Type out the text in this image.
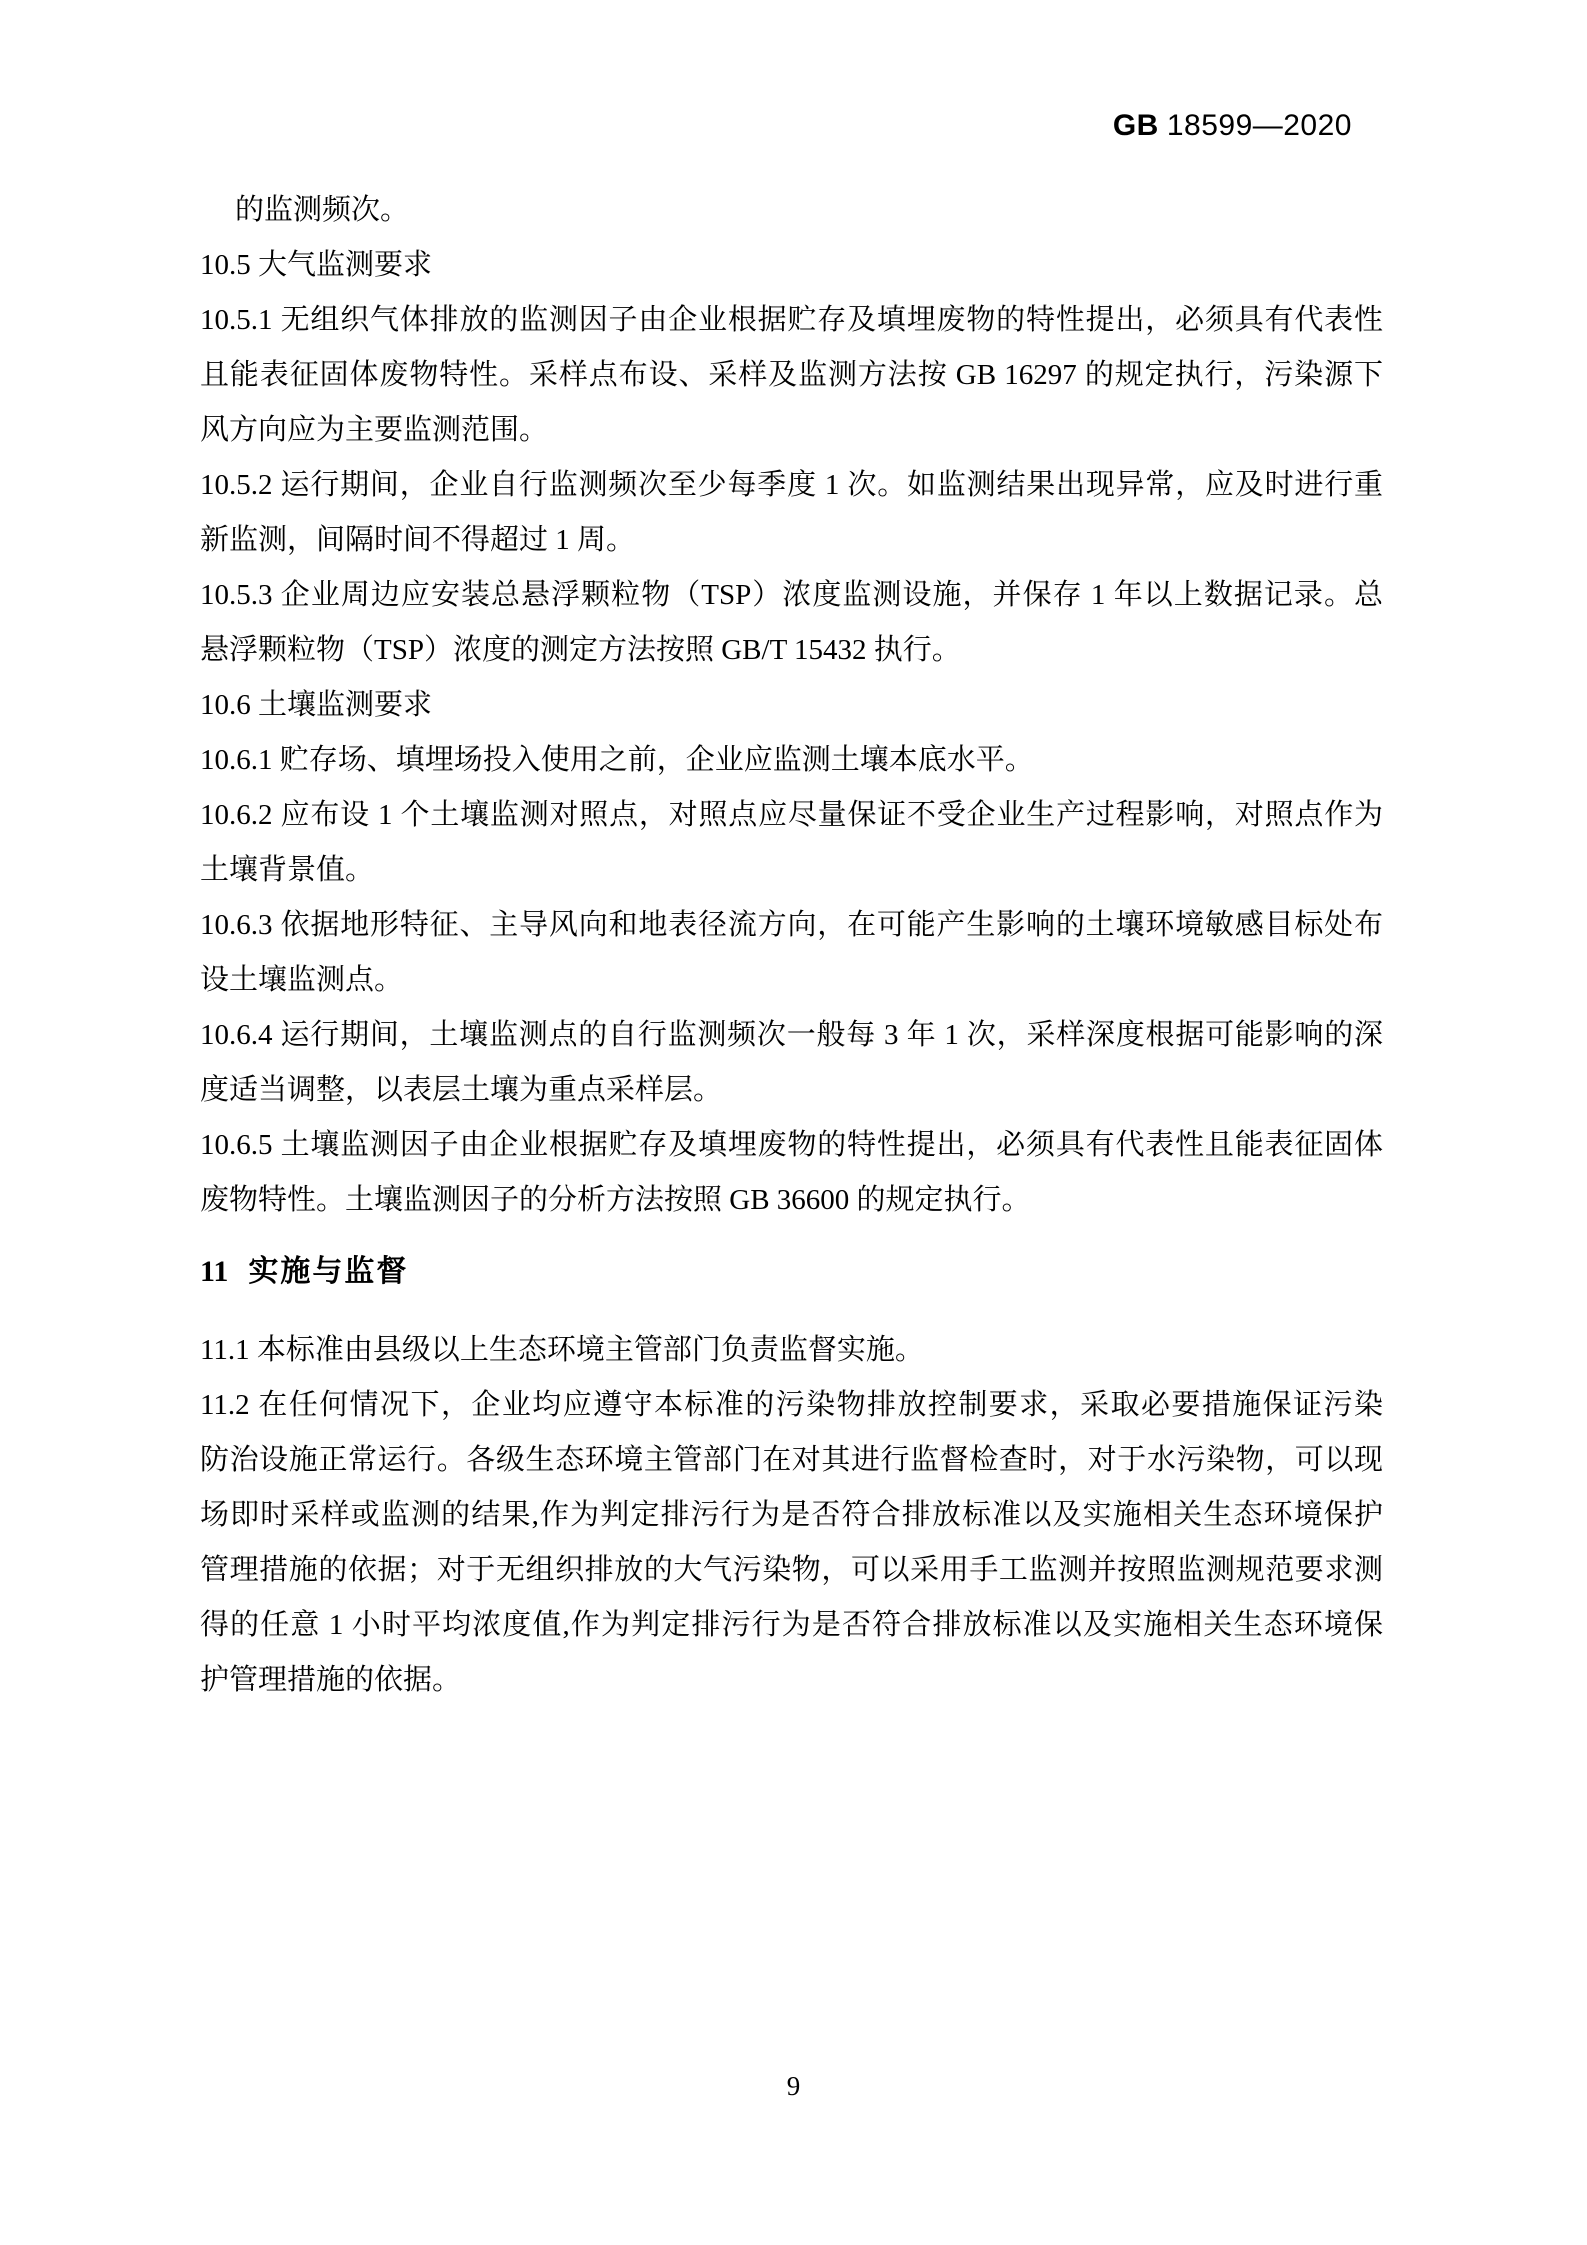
GB 18599—2020
的监测频次。
10.5 大气监测要求
10.5.1 无组织气体排放的监测因子由企业根据贮存及填埋废物的特性提出，必须具有代表性
且能表征固体废物特性。采样点布设、采样及监测方法按 GB 16297 的规定执行，污染源下
风方向应为主要监测范围。
10.5.2 运行期间，企业自行监测频次至少每季度 1 次。如监测结果出现异常，应及时进行重
新监测，间隔时间不得超过 1 周。
10.5.3 企业周边应安装总悬浮颗粒物（TSP）浓度监测设施，并保存 1 年以上数据记录。总
悬浮颗粒物（TSP）浓度的测定方法按照 GB/T 15432 执行。
10.6 土壤监测要求
10.6.1 贮存场、填埋场投入使用之前，企业应监测土壤本底水平。
10.6.2 应布设 1 个土壤监测对照点，对照点应尽量保证不受企业生产过程影响，对照点作为
土壤背景值。
10.6.3 依据地形特征、主导风向和地表径流方向，在可能产生影响的土壤环境敏感目标处布
设土壤监测点。
10.6.4 运行期间，土壤监测点的自行监测频次一般每 3 年 1 次，采样深度根据可能影响的深
度适当调整，以表层土壤为重点采样层。
10.6.5 土壤监测因子由企业根据贮存及填埋废物的特性提出，必须具有代表性且能表征固体
废物特性。土壤监测因子的分析方法按照 GB 36600 的规定执行。
11 实施与监督
11.1 本标准由县级以上生态环境主管部门负责监督实施。
11.2 在任何情况下，企业均应遵守本标准的污染物排放控制要求，采取必要措施保证污染
防治设施正常运行。各级生态环境主管部门在对其进行监督检查时，对于水污染物，可以现
场即时采样或监测的结果,作为判定排污行为是否符合排放标准以及实施相关生态环境保护
管理措施的依据；对于无组织排放的大气污染物，可以采用手工监测并按照监测规范要求测
得的任意 1 小时平均浓度值,作为判定排污行为是否符合排放标准以及实施相关生态环境保
护管理措施的依据。
9
